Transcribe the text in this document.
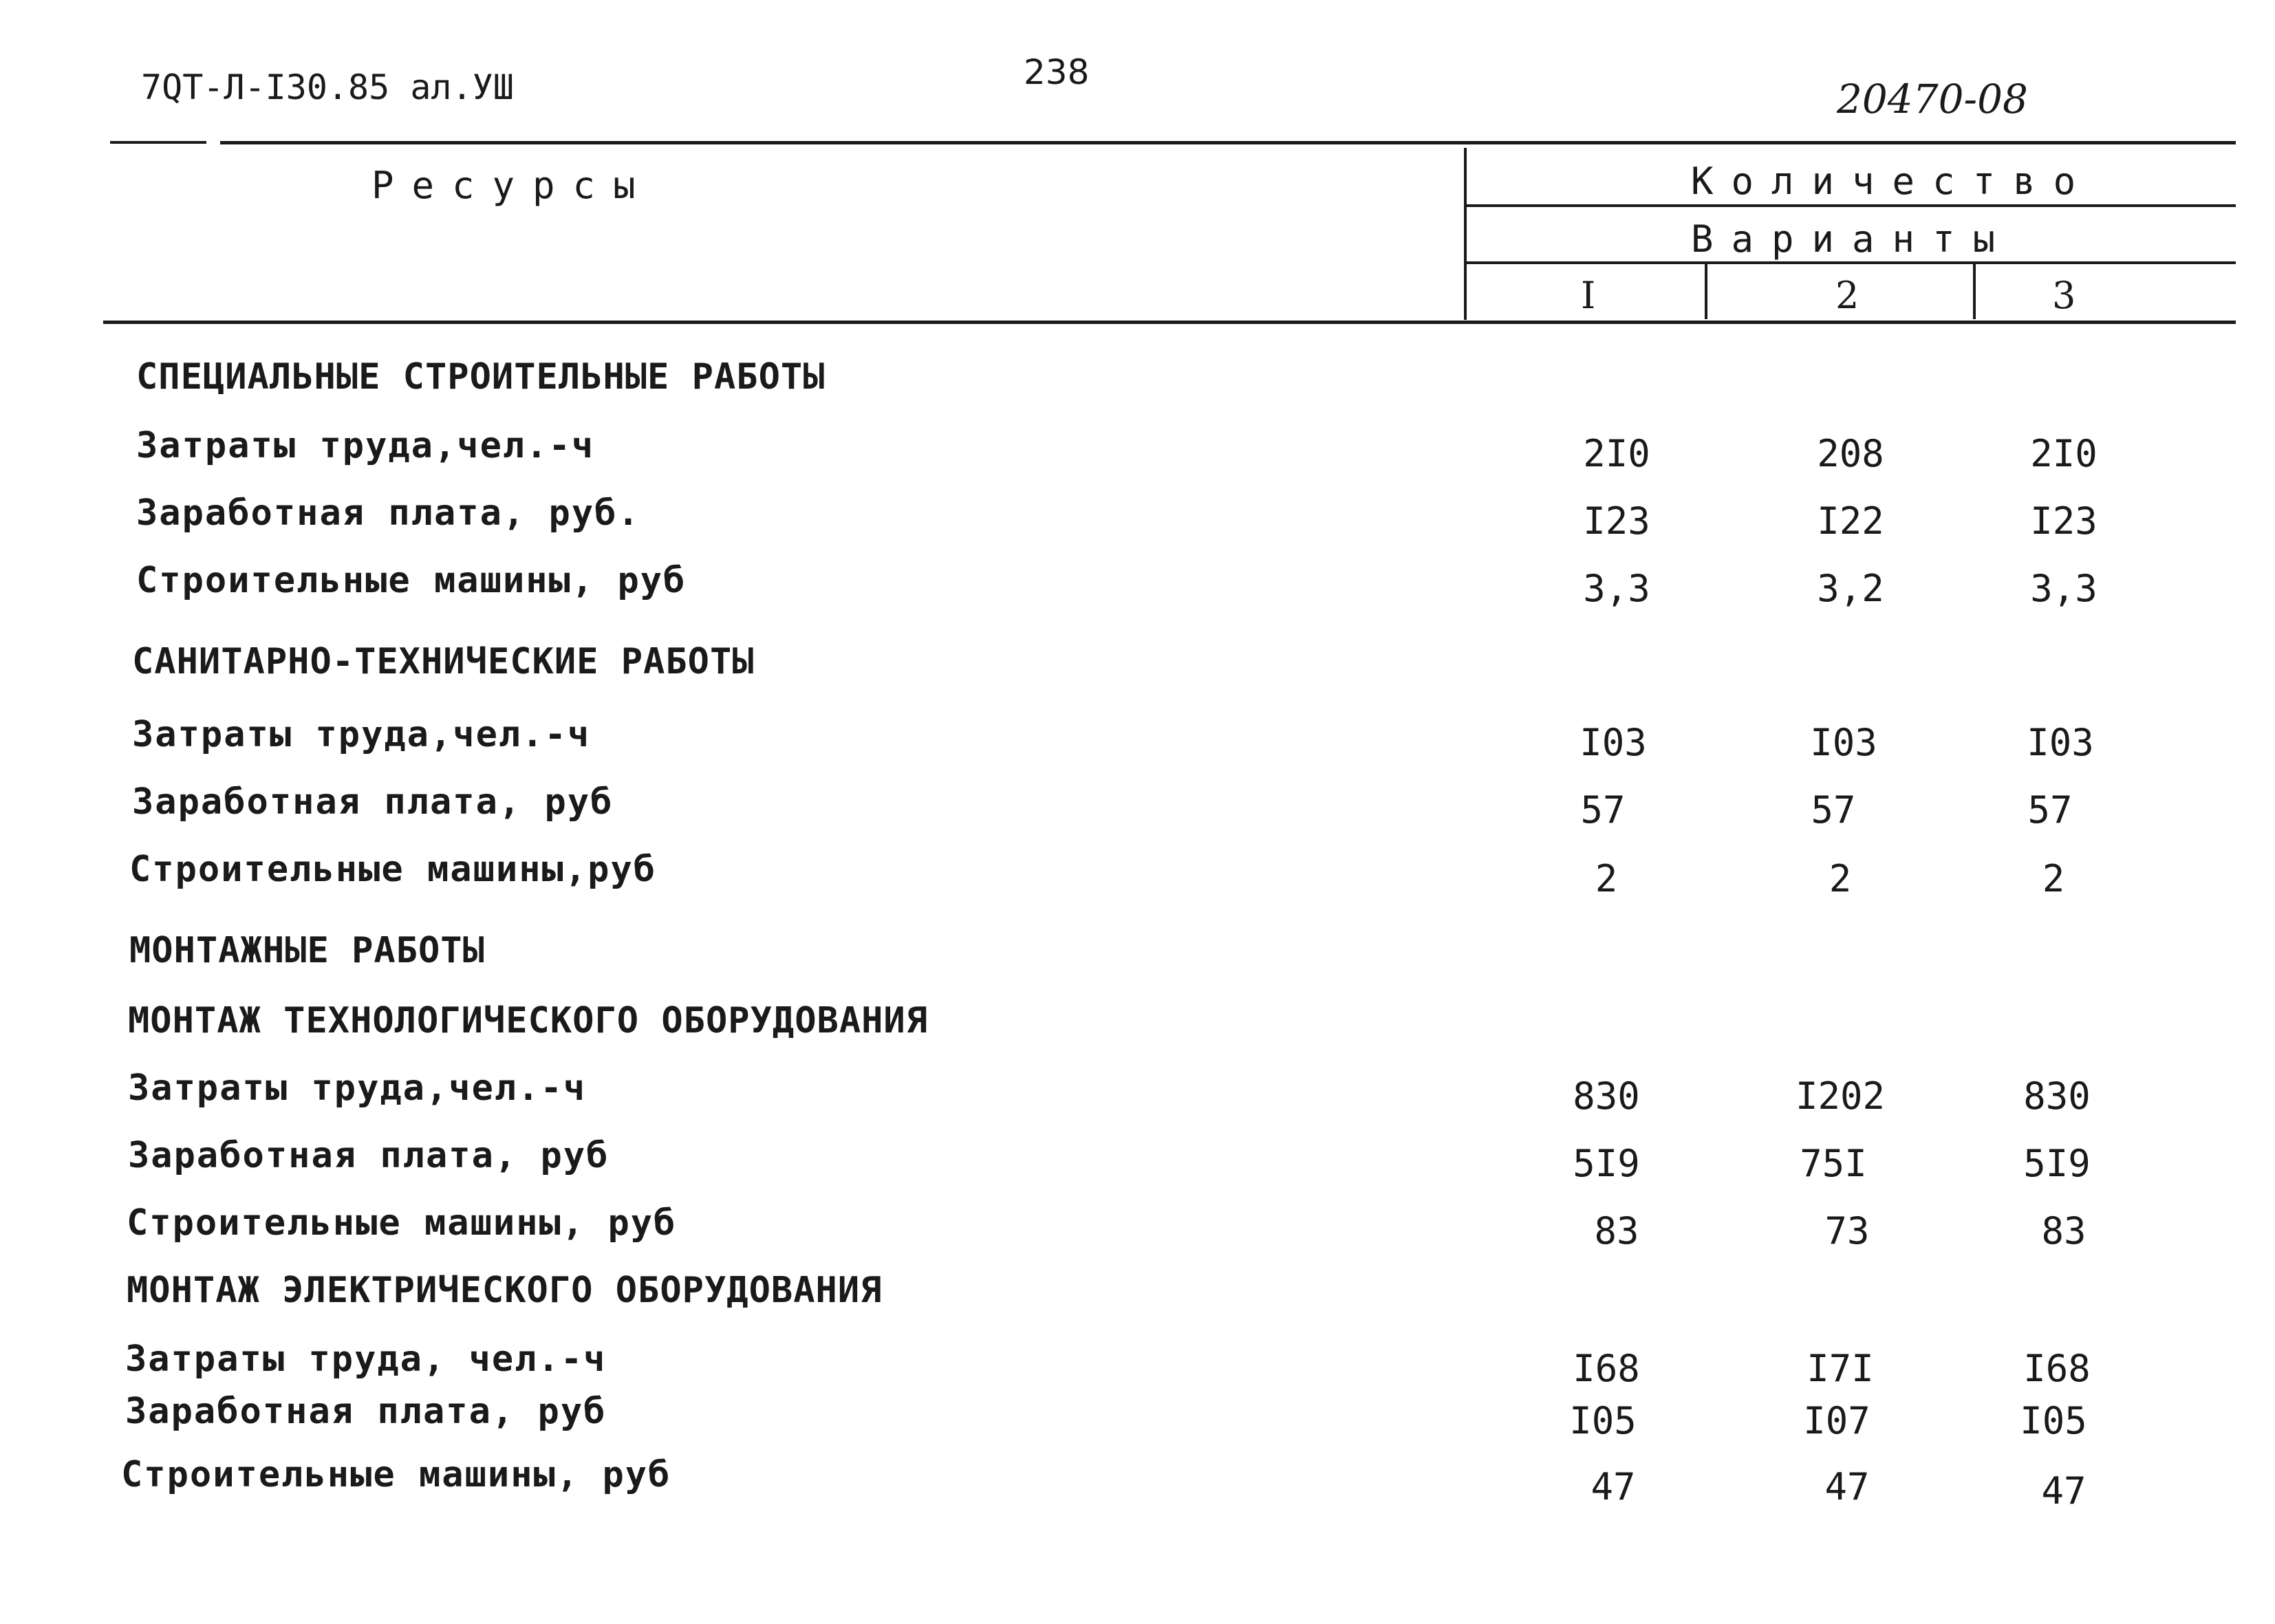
7QТ-Л-І30.85 ал.УШ	238
20470-08
Ресурсы	Количество
Варианты
I	2	3
СПЕЦИАЛЬНЫЕ СТРОИТЕЛЬНЫЕ РАБОТЫ
Затраты труда,чел.-ч	2I0	208	2I0
Заработная плата, руб.	I23	I22	I23
Строительные машины, руб	3,3	3,2	3,3
САНИТАРНО-ТЕХНИЧЕСКИЕ РАБОТЫ
Затраты труда,чел.-ч	I03	I03	I03
Заработная плата, руб	57	57	57
Строительные машины,руб	2	2	2
МОНТАЖНЫЕ РАБОТЫ
МОНТАЖ ТЕХНОЛОГИЧЕСКОГО ОБОРУДОВАНИЯ
Затраты труда,чел.-ч	830	I202	830
Заработная плата, руб	5I9	75I	5I9
Строительные машины, руб	83	73	83
МОНТАЖ ЭЛЕКТРИЧЕСКОГО ОБОРУДОВАНИЯ
Затраты труда, чел.-ч	I68	I7I	I68
Заработная плата, руб	I05	I07	I05
Строительные машины, руб	47	47	47
